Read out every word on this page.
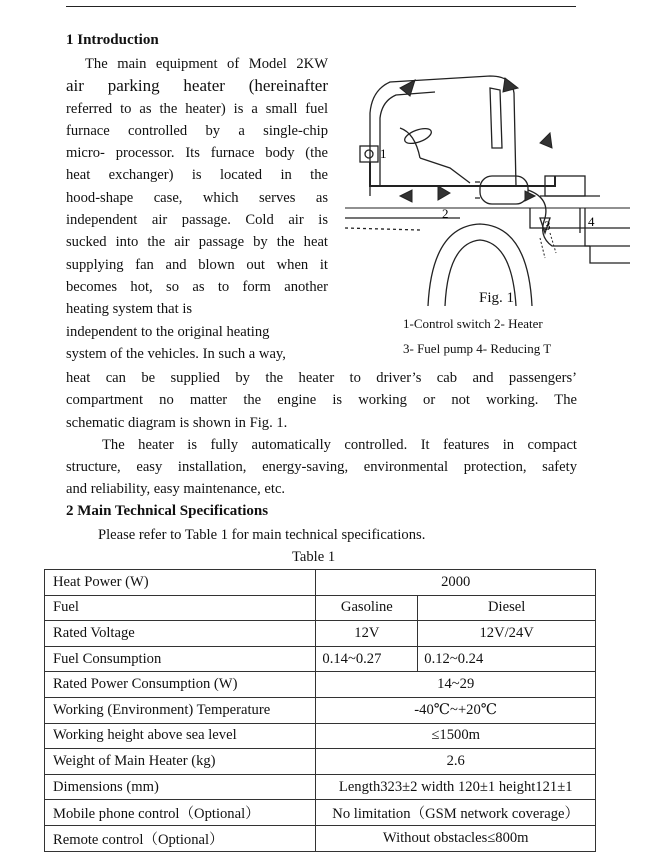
1 Introduction
The main equipment of Model 2KW
air parking heater (hereinafter
referred to as the heater) is a small fuel
furnace controlled by a single-chip
micro- processor. Its furnace body (the
heat exchanger) is located in the
hood-shape case, which serves as
independent air passage. Cold air is
sucked into the air passage by the heat
supplying fan and blown out when it
becomes hot, so as to form another
heating system that is
independent to the original heating
system of the vehicles. In such a way,
1
2
3	4
Fig. 1
1-Control switch 2- Heater
3- Fuel pump 4- Reducing T
heat can be supplied by the heater to driver’s cab and passengers’
compartment no matter the engine is working or not working. The
schematic diagram is shown in Fig. 1.
The heater is fully automatically controlled. It features in compact
structure, easy installation, energy-saving, environmental protection, safety
and reliability, easy maintenance, etc.
2 Main Technical Specifications
Please refer to Table 1 for main technical specifications.
Table 1
Heat Power (W)	2000	
Fuel	Gasoline	Diesel
Rated Voltage	12V	12V/24V
Fuel Consumption	0.14~0.27	0.12~0.24
Rated Power Consumption (W)	14~29	
Working (Environment) Temperature	-40℃~+20℃	
Working height above sea level	≤1500m	
Weight of Main Heater (kg)	2.6	
Dimensions (mm)	Length323±2 width 120±1 height121±1	
Mobile phone control（Optional）	No limitation（GSM network coverage）	
Remote control（Optional）	Without obstacles≤800m	
